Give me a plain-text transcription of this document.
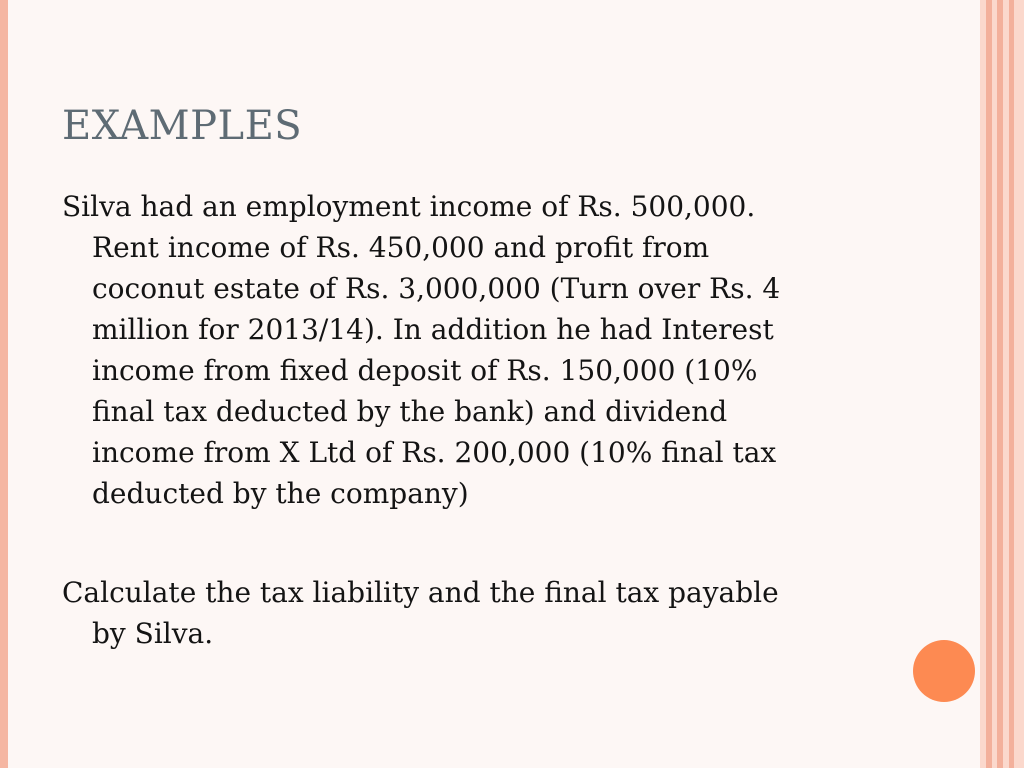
EXAMPLES

Silva had an employment income of Rs. 500,000.
Rent income of Rs. 450,000 and profit from
coconut estate of Rs. 3,000,000 (Turn over Rs. 4
million for 2013/14). In addition he had Interest
income from fixed deposit of Rs. 150,000 (10%
final tax deducted by the bank) and dividend
income from X Ltd of Rs. 200,000 (10% final tax
deducted by the company)

Calculate the tax liability and the final tax payable
by Silva.
